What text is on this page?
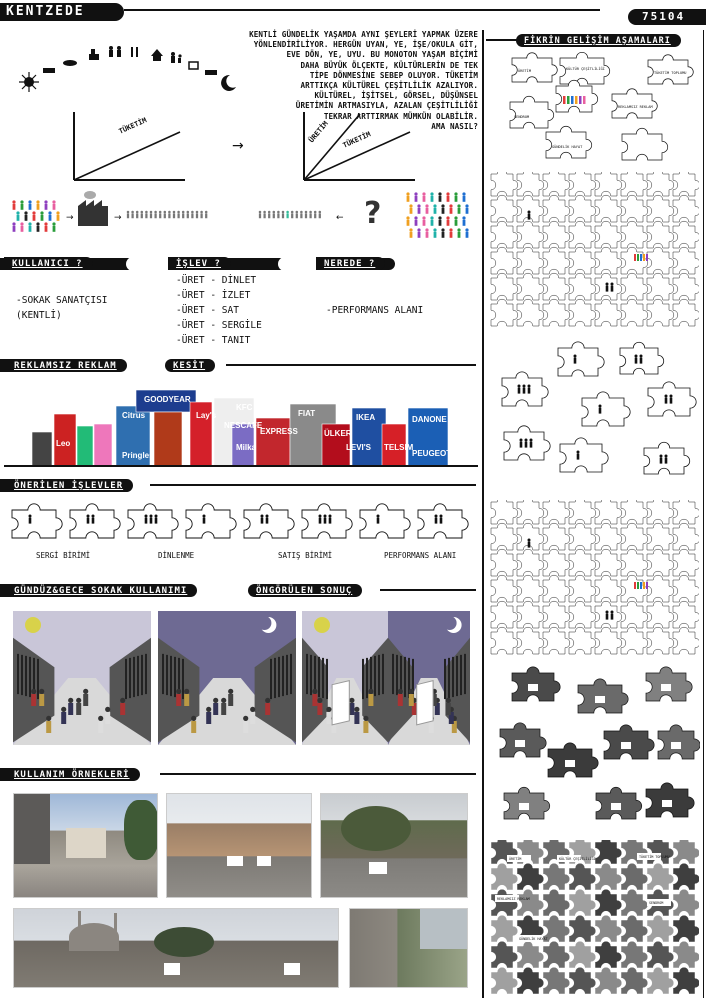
KENTZEDE	75104
KENTLİ GÜNDELİK YAŞAMDA AYNI ŞEYLERİ YAPMAK ÜZERE
YÖNLENDİRİLİYOR. HERGÜN UYAN, YE, İŞE/OKULA GİT,
EVE DÖN, YE, UYU. BU MONOTON YAŞAM BİÇİMİ
DAHA BÜYÜK ÖLÇEKTE, KÜLTÜRLERİN DE TEK
TİPE DÖNMESİNE SEBEP OLUYOR. TÜKETİM
ARTTIKÇA KÜLTÜREL ÇEŞİTLİLİK AZALIYOR.
KÜLTÜREL, İŞİTSEL, GÖRSEL, DÜŞÜNSEL
ÜRETİMİN ARTMASIYLA, AZALAN ÇEŞİTLİLİĞİ
TEKRAR ARTTIRMAK MÜMKÜN OLABİLİR.
AMA NASIL?
TÜKETİM
→
ÜRETİM TÜKETİM
→	→	← ?
KULLANICI ?	İŞLEV ?	NEREDE ?
-SOKAK SANATÇISI
(KENTLİ)
-ÜRET - DİNLET
-ÜRET - İZLET
-ÜRET - SAT
-ÜRET - SERGİLE
-ÜRET - TANIT
-PERFORMANS ALANI
REKLAMSIZ REKLAM	KESİT
GOODYEAR
Citrus	Lay's
KFC
FIAT	IKEA	DANONE
Pringles
NESCAFE
Milka
ÜLKER
LEVI'S TELSIM
PEUGEOT
Leo
EXPRESS
ÖNERİLEN İŞLEVLER
SERGİ BİRİMİ	DİNLENME	SATIŞ BİRİMİ	PERFORMANS ALANI
GÜNDÜZ&GECE SOKAK KULLANIMI	ÖNGÖRÜLEN SONUÇ
KULLANIM ÖRNEKLERİ
FİKRİN GELİŞİM AŞAMALARI
ÜRETİM	KÜLTÜR ÇEŞİTLİLİĞİ
TÜKETİM TOPLUMU
REKLAMSIZ REKLAM
SENDROM
GÜNDELİK HAYAT
ÜRETİM	KÜLTÜR ÇEŞİTLİLİĞİ	TÜKETİM TOPLUMU
REKLAMSIZ REKLAM
SENDROM
GÜNDELİK HAYAT
